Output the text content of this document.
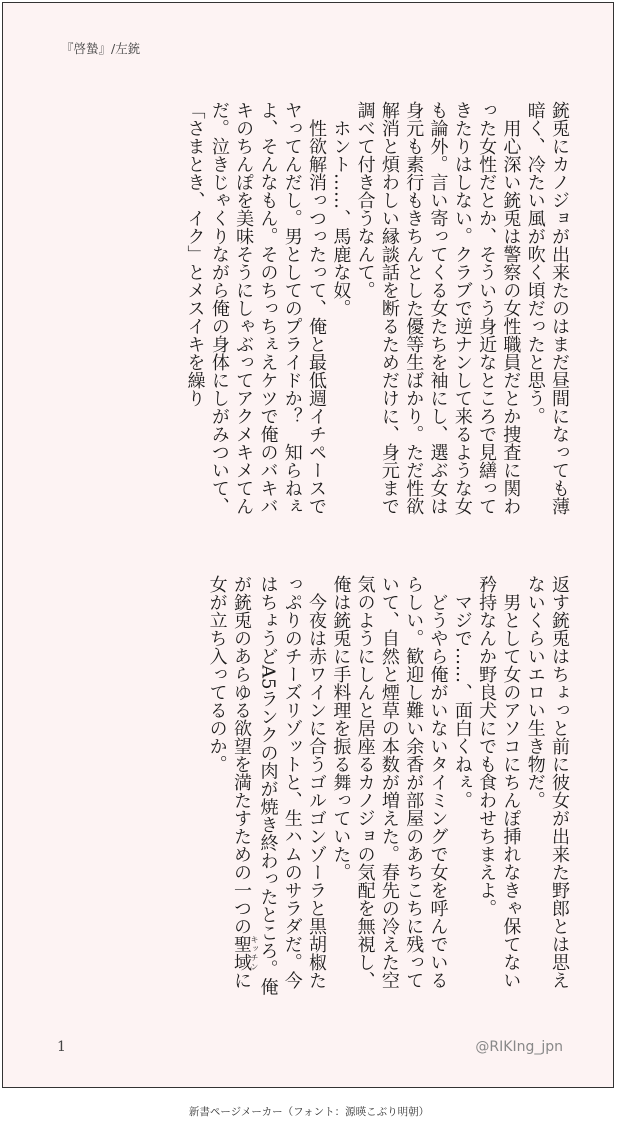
『啓蟄』/左銃

銃兎にカノジョが出来たのはまだ昼間になっても薄暗く、冷たい風が吹く頃だったと思う。

用心深い銃兎は警察の女性職員だとか捜査に関わった女性だとか、そういう身近なところで見繕ってきたりはしない。クラブで逆ナンして来るような女も論外。言い寄ってくる女たちを袖にし、選ぶ女は身元も素行もきちんとした優等生ばかり。ただ性欲解消と煩わしい縁談話を断るためだけに、身元まで調べて付き合うなんて。

ホント……、馬鹿な奴。

性欲解消っつったって、俺と最低週イチペースでヤってんだし。男としてのプライドか？　知らねぇよ、そんなもん。そのちっちぇえケツで俺のバキバキのちんぽを美味そうにしゃぶってアクメキメてんだ。泣きじゃくりながら俺の身体にしがみついて、「さまとき、イク」とメスイキを繰り

返す銃兎はちょっと前に彼女が出来た野郎とは思えないくらいエロい生き物だ。

男として女のアソコにちんぽ挿れなきゃ保てない矜持なんか野良犬にでも食わせちまえよ。

マジで……、面白くねぇ。

どうやら俺がいないタイミングで女を呼んでいるらしい。歓迎し難い余香が部屋のあちこちに残っていて、自然と煙草の本数が増えた。春先の冷えた空気のようにしんと居座るカノジョの気配を無視し、俺は銃兎に手料理を振る舞っていた。

今夜は赤ワインに合うゴルゴンゾーラと黒胡椒たっぷりのチーズリゾットと、生ハムのサラダだ。今はちょうどA5ランクの肉が焼き終わったところ。俺が銃兎のあらゆる欲望を満たすための一つの聖域キッチンに女が立ち入ってるのか。

1	@RIKIng_jpn
新書ページメーカー（フォント：源暎こぶり明朝）
